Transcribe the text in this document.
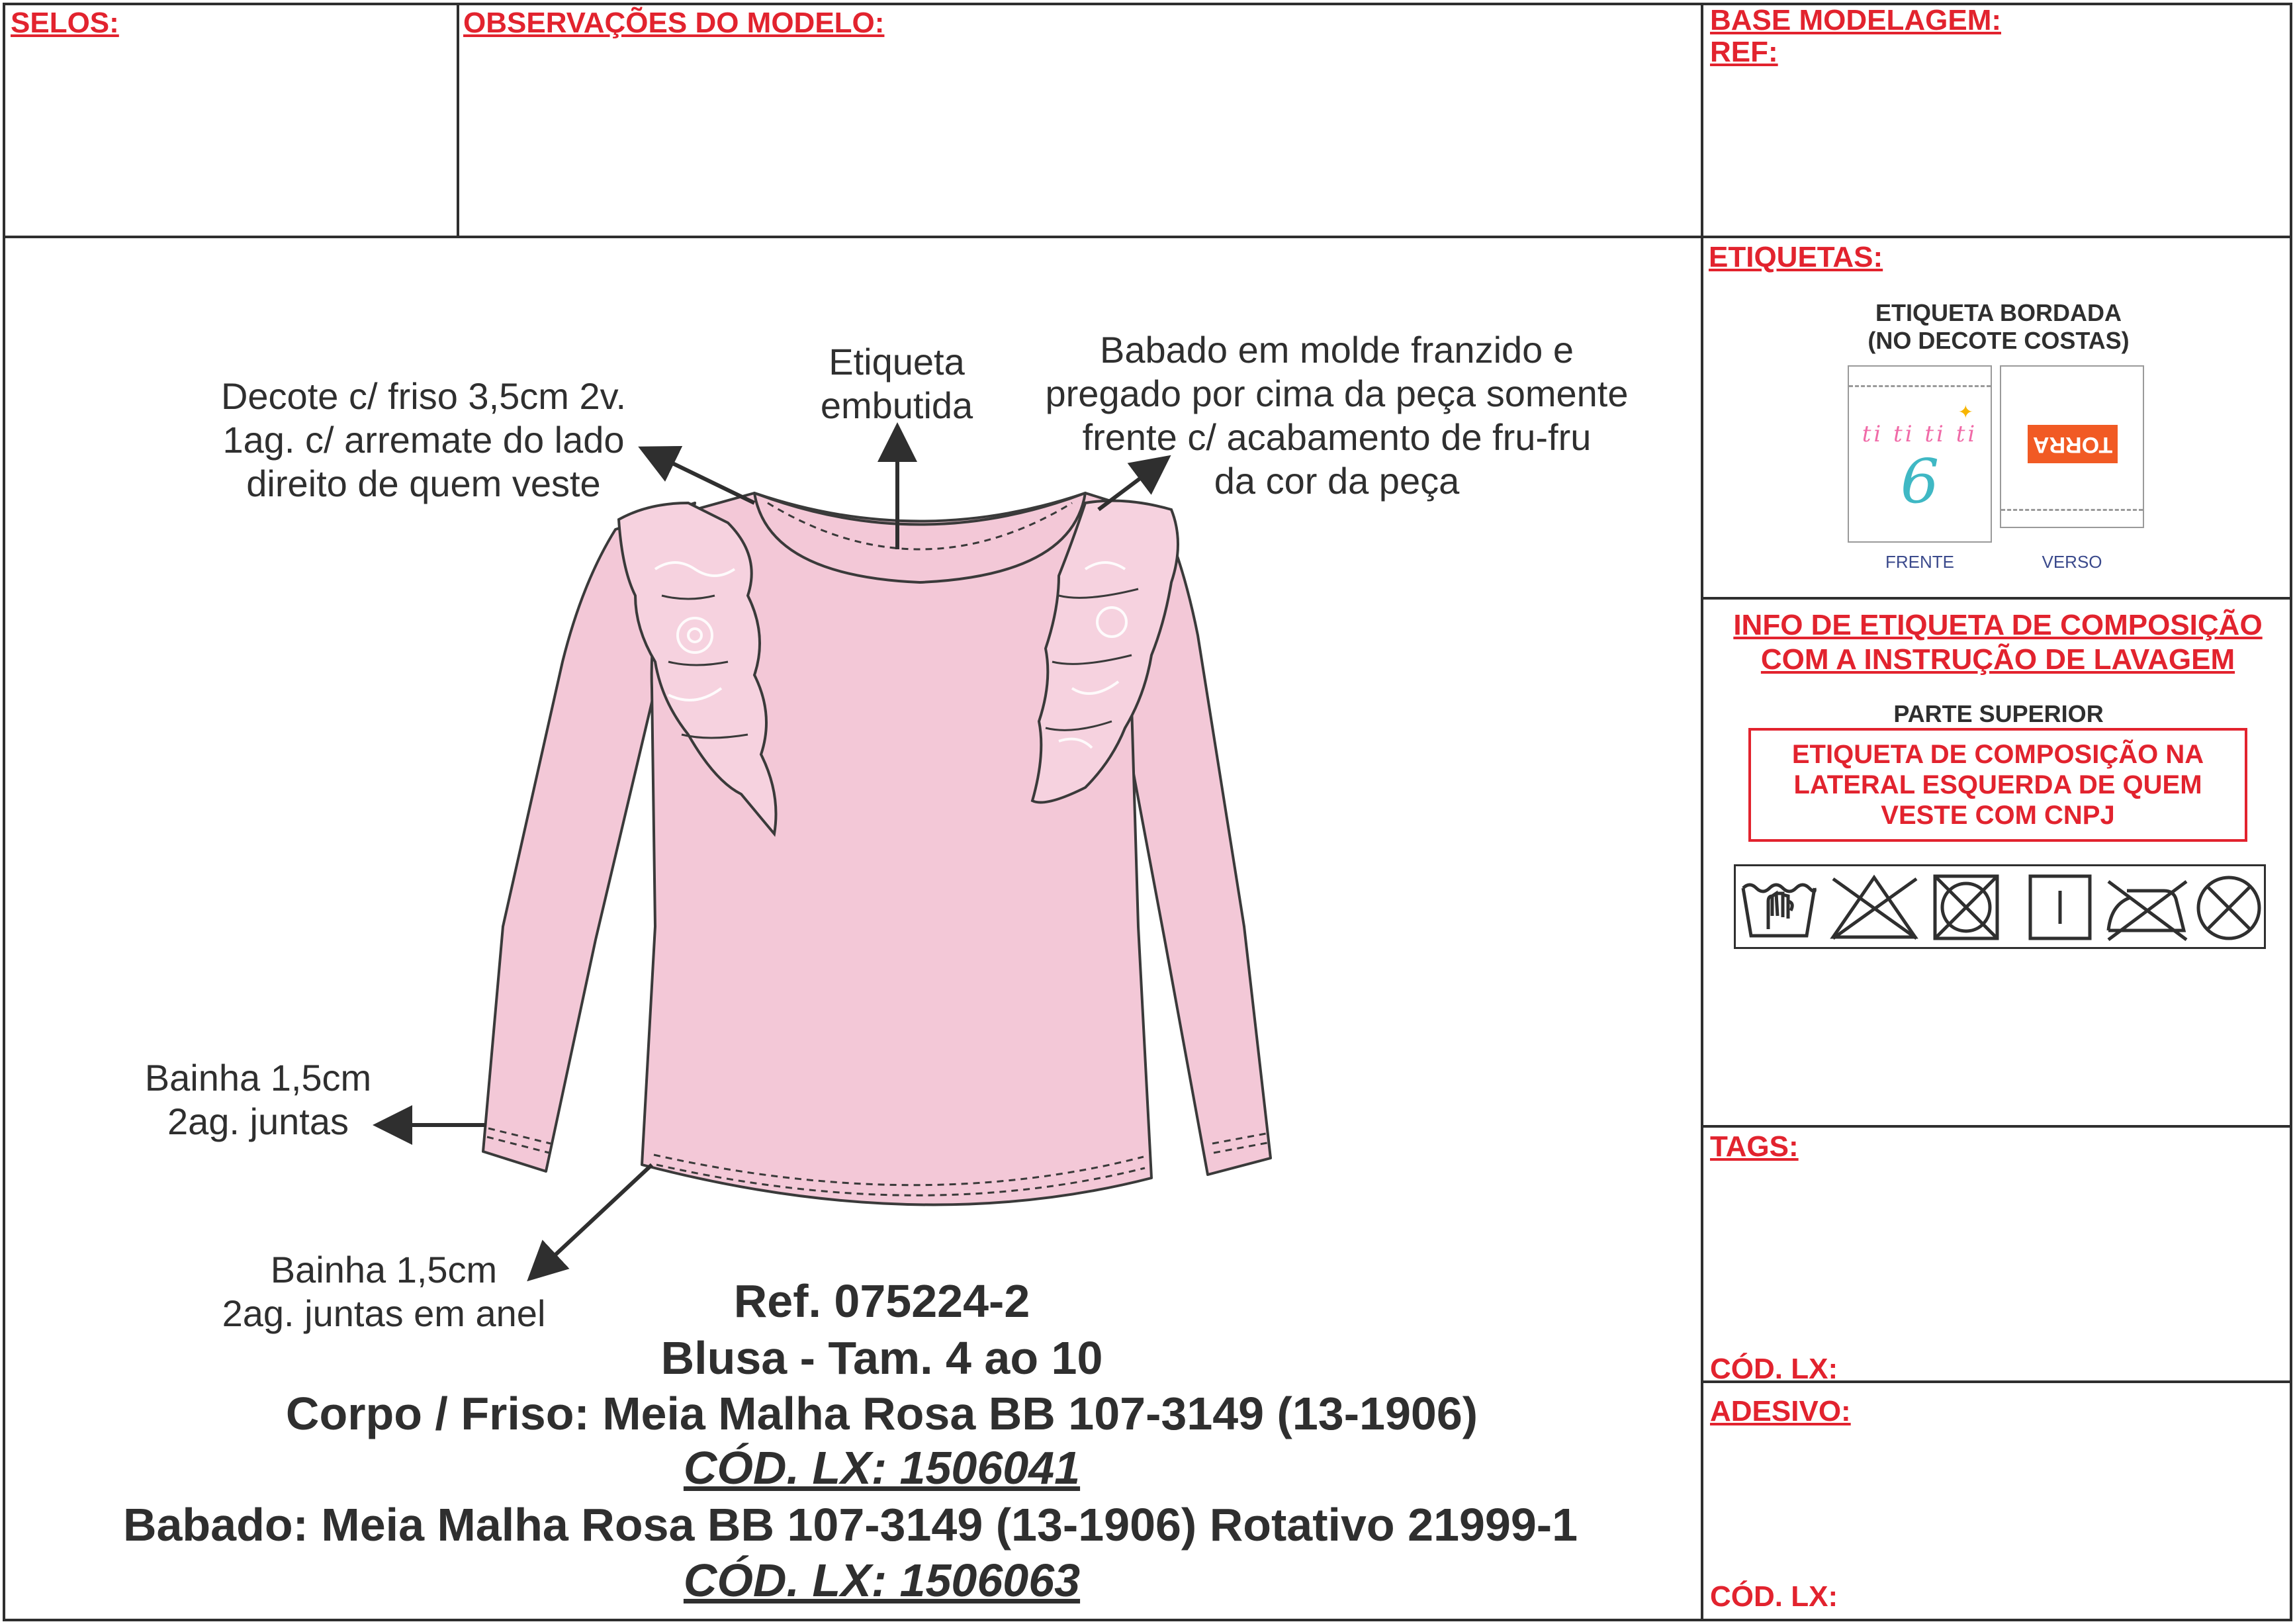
SELOS:	OBSERVAÇÕES DO MODELO:	BASE MODELAGEM:
REF:
ETIQUETAS:
INFO DE ETIQUETA DE COMPOSIÇÃO
COM A INSTRUÇÃO DE LAVAGEM
TAGS:
CÓD. LX:
ADESIVO:
CÓD. LX:
ETIQUETA BORDADA
(NO DECOTE COSTAS)
ti ti ti ti
6
✦
TORRA
FRENTE	VERSO
PARTE SUPERIOR
ETIQUETA DE COMPOSIÇÃO NA
LATERAL ESQUERDA DE QUEM
VESTE COM CNPJ
Decote c/ friso 3,5cm 2v.
1ag. c/ arremate do lado
direito de quem veste
Etiqueta
embutida
Babado em molde franzido e
pregado por cima da peça somente
frente c/ acabamento de fru-fru
da cor da peça
Bainha 1,5cm
2ag. juntas
Bainha 1,5cm
2ag. juntas em anel	Ref. 075224-2
Blusa - Tam. 4 ao 10
Corpo / Friso: Meia Malha Rosa BB 107-3149 (13-1906)
CÓD. LX: 1506041
Babado: Meia Malha Rosa BB 107-3149 (13-1906) Rotativo 21999-1
CÓD. LX: 1506063
